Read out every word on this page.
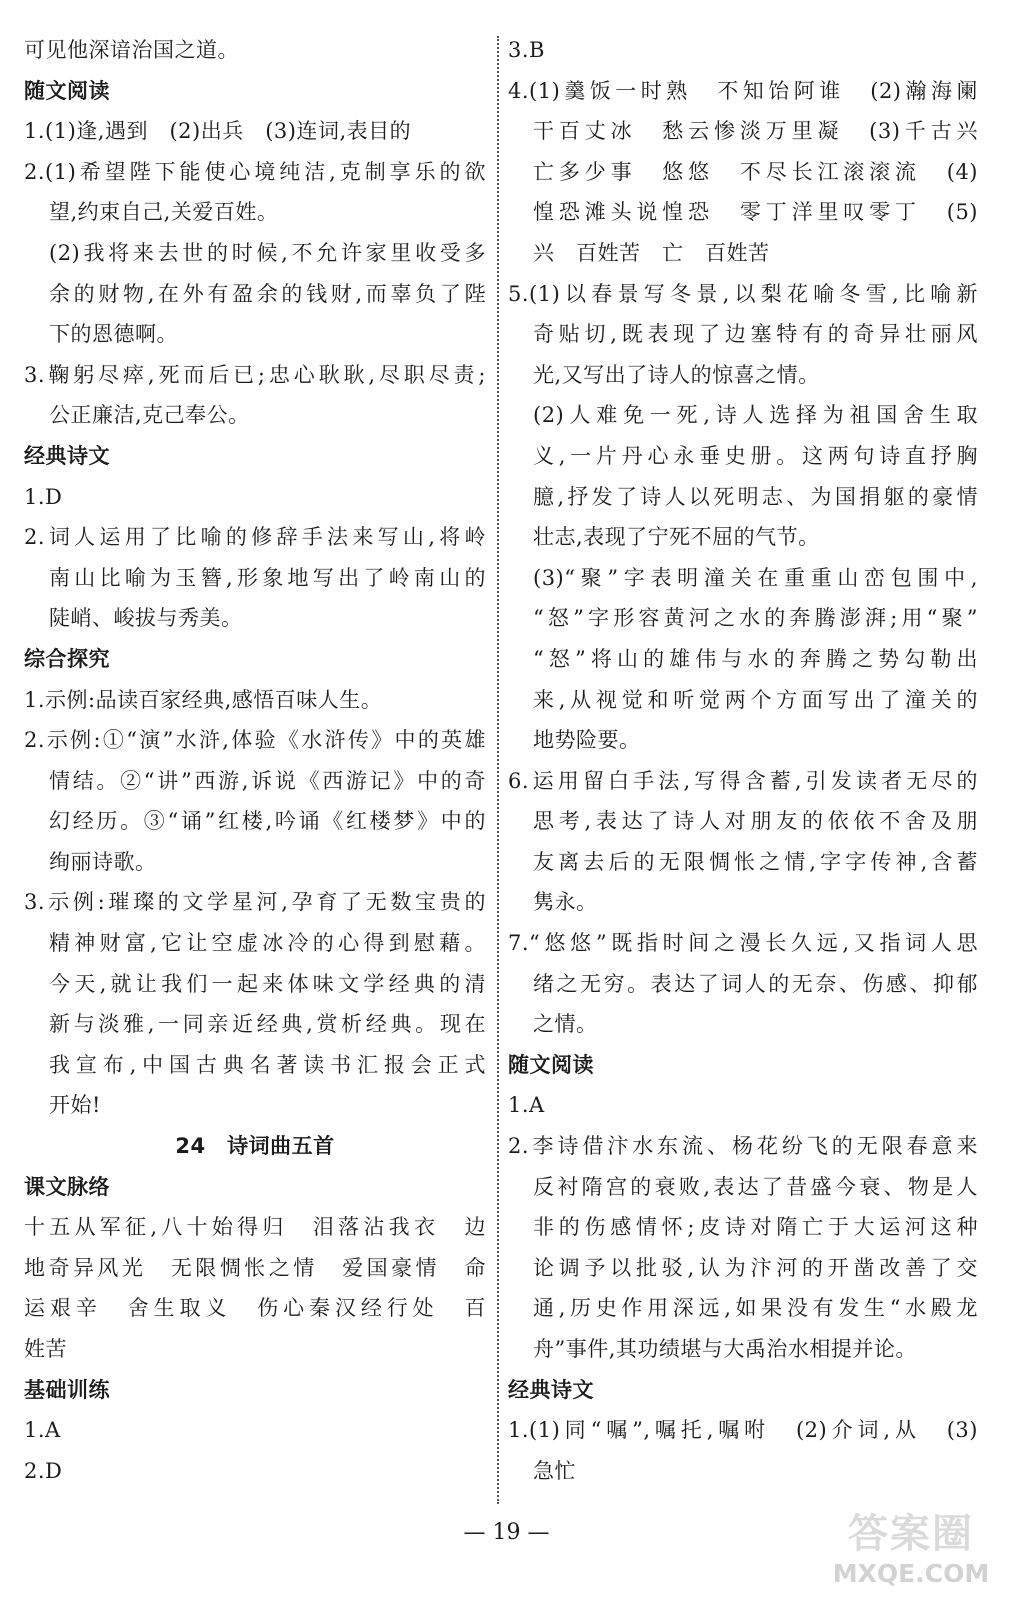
可见他深谙治国之道。
随文阅读
1.(1)逢,遇到　(2)出兵　(3)连词,表目的
2.(1)希望陛下能使心境纯洁,克制享乐的欲
望,约束自己,关爱百姓。
(2)我将来去世的时候,不允许家里收受多
余的财物,在外有盈余的钱财,而辜负了陛
下的恩德啊。
3.鞠躬尽瘁,死而后已;忠心耿耿,尽职尽责;
公正廉洁,克己奉公。
经典诗文
1.D
2.词人运用了比喻的修辞手法来写山,将岭
南山比喻为玉簪,形象地写出了岭南山的
陡峭、峻拔与秀美。
综合探究
1.示例:品读百家经典,感悟百味人生。
2.示例:①“演”水浒,体验《水浒传》中的英雄
情结。②“讲”西游,诉说《西游记》中的奇
幻经历。③“诵”红楼,吟诵《红楼梦》中的
绚丽诗歌。
3.示例:璀璨的文学星河,孕育了无数宝贵的
精神财富,它让空虚冰冷的心得到慰藉。
今天,就让我们一起来体味文学经典的清
新与淡雅,一同亲近经典,赏析经典。现在
我宣布,中国古典名著读书汇报会正式
开始!
24　诗词曲五首
课文脉络
十五从军征,八十始得归　泪落沾我衣　边
地奇异风光　无限惆怅之情　爱国豪情　命
运艰辛　舍生取义　伤心秦汉经行处　百
姓苦
基础训练
1.A
2.D
3.B
4.(1)羹饭一时熟　不知饴阿谁　(2)瀚海阑
干百丈冰　愁云惨淡万里凝　(3)千古兴
亡多少事　悠悠　不尽长江滚滚流　(4)
惶恐滩头说惶恐　零丁洋里叹零丁　(5)
兴　百姓苦　亡　百姓苦
5.(1)以春景写冬景,以梨花喻冬雪,比喻新
奇贴切,既表现了边塞特有的奇异壮丽风
光,又写出了诗人的惊喜之情。
(2)人难免一死,诗人选择为祖国舍生取
义,一片丹心永垂史册。这两句诗直抒胸
臆,抒发了诗人以死明志、为国捐躯的豪情
壮志,表现了宁死不屈的气节。
(3)“聚”字表明潼关在重重山峦包围中,
“怒”字形容黄河之水的奔腾澎湃;用“聚”
“怒”将山的雄伟与水的奔腾之势勾勒出
来,从视觉和听觉两个方面写出了潼关的
地势险要。
6.运用留白手法,写得含蓄,引发读者无尽的
思考,表达了诗人对朋友的依依不舍及朋
友离去后的无限惆怅之情,字字传神,含蓄
隽永。
7.“悠悠”既指时间之漫长久远,又指词人思
绪之无穷。表达了词人的无奈、伤感、抑郁
之情。
随文阅读
1.A
2.李诗借汴水东流、杨花纷飞的无限春意来
反衬隋宫的衰败,表达了昔盛今衰、物是人
非的伤感情怀;皮诗对隋亡于大运河这种
论调予以批驳,认为汴河的开凿改善了交
通,历史作用深远,如果没有发生“水殿龙
舟”事件,其功绩堪与大禹治水相提并论。
经典诗文
1.(1)同“嘱”,嘱托,嘱咐　(2)介词,从　(3)
急忙
— 19 —	答案圈
MXQE.COM
